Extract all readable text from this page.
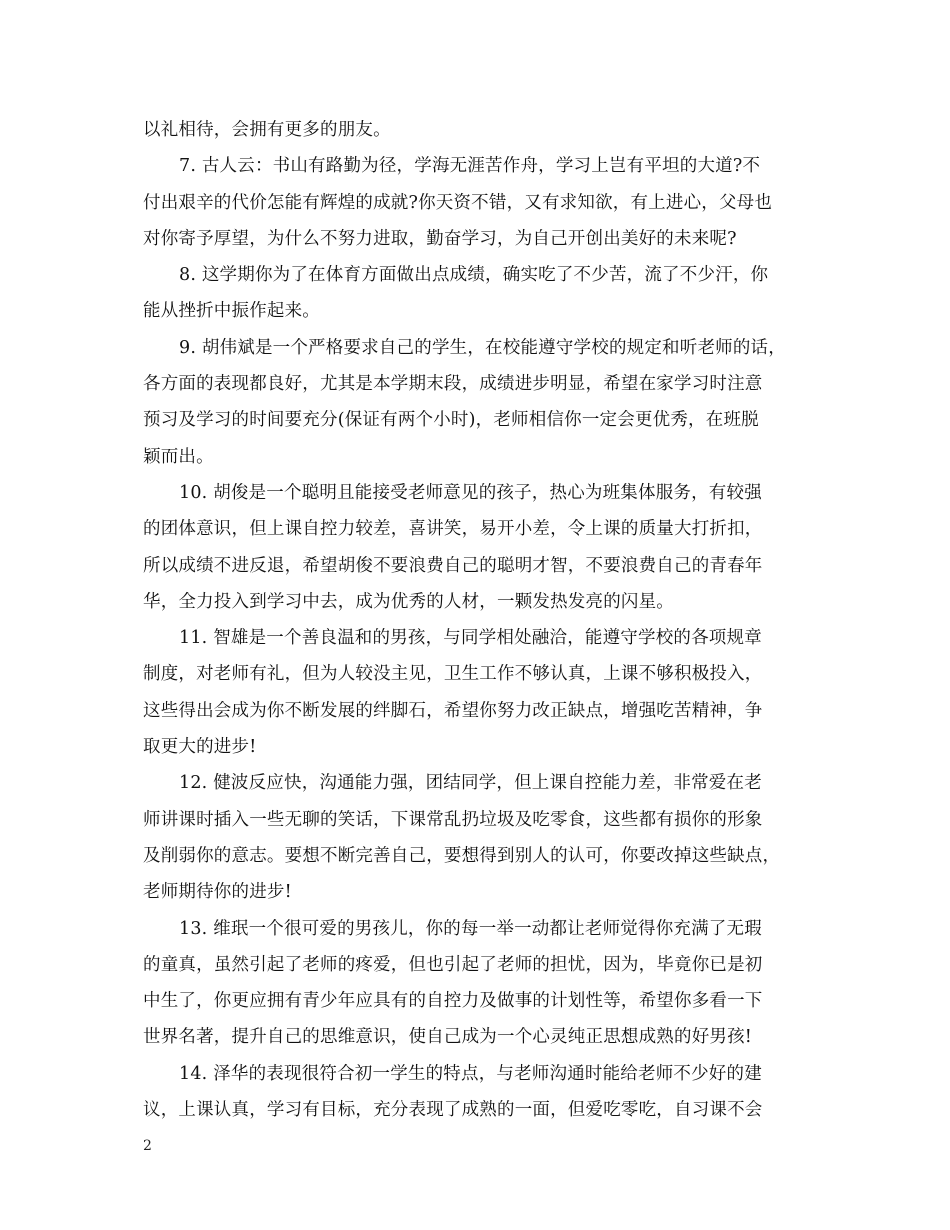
以礼相待，会拥有更多的朋友。
7. 古人云：书山有路勤为径，学海无涯苦作舟，学习上岂有平坦的大道?不
付出艰辛的代价怎能有辉煌的成就?你天资不错，又有求知欲，有上进心，父母也
对你寄予厚望，为什么不努力进取，勤奋学习，为自己开创出美好的未来呢?
8. 这学期你为了在体育方面做出点成绩，确实吃了不少苦，流了不少汗，你
能从挫折中振作起来。
9. 胡伟斌是一个严格要求自己的学生，在校能遵守学校的规定和听老师的话，
各方面的表现都良好，尤其是本学期末段，成绩进步明显，希望在家学习时注意
预习及学习的时间要充分(保证有两个小时)，老师相信你一定会更优秀，在班脱
颖而出。
10. 胡俊是一个聪明且能接受老师意见的孩子，热心为班集体服务，有较强
的团体意识，但上课自控力较差，喜讲笑，易开小差，令上课的质量大打折扣，
所以成绩不进反退，希望胡俊不要浪费自己的聪明才智，不要浪费自己的青春年
华，全力投入到学习中去，成为优秀的人材，一颗发热发亮的闪星。
11. 智雄是一个善良温和的男孩，与同学相处融洽，能遵守学校的各项规章
制度，对老师有礼，但为人较没主见，卫生工作不够认真，上课不够积极投入，
这些得出会成为你不断发展的绊脚石，希望你努力改正缺点，增强吃苦精神，争
取更大的进步!
12. 健波反应快，沟通能力强，团结同学，但上课自控能力差，非常爱在老
师讲课时插入一些无聊的笑话，下课常乱扔垃圾及吃零食，这些都有损你的形象
及削弱你的意志。要想不断完善自己，要想得到别人的认可，你要改掉这些缺点，
老师期待你的进步!
13. 维珉一个很可爱的男孩儿，你的每一举一动都让老师觉得你充满了无瑕
的童真，虽然引起了老师的疼爱，但也引起了老师的担忧，因为，毕竟你已是初
中生了，你更应拥有青少年应具有的自控力及做事的计划性等，希望你多看一下
世界名著，提升自己的思维意识，使自己成为一个心灵纯正思想成熟的好男孩!
14. 泽华的表现很符合初一学生的特点，与老师沟通时能给老师不少好的建
议，上课认真，学习有目标，充分表现了成熟的一面，但爱吃零吃，自习课不会
2
